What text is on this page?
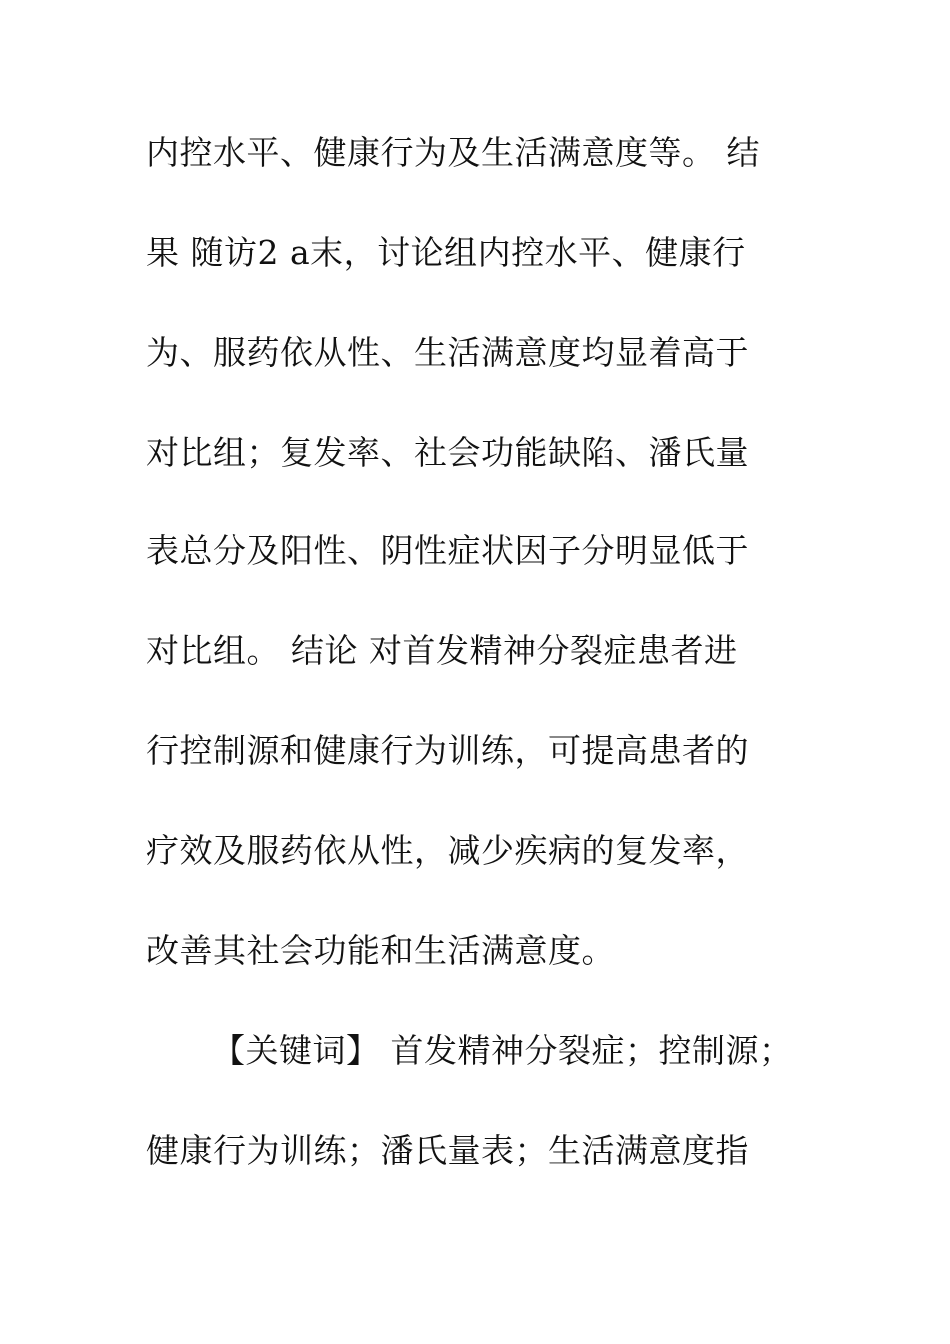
内控水平、健康行为及生活满意度等。 结
果 随访2 a末，讨论组内控水平、健康行
为、服药依从性、生活满意度均显着高于
对比组；复发率、社会功能缺陷、潘氏量
表总分及阳性、阴性症状因子分明显低于
对比组。 结论 对首发精神分裂症患者进
行控制源和健康行为训练，可提高患者的
疗效及服药依从性，减少疾病的复发率，
改善其社会功能和生活满意度。
【关键词】 首发精神分裂症；控制源；
健康行为训练；潘氏量表；生活满意度指
